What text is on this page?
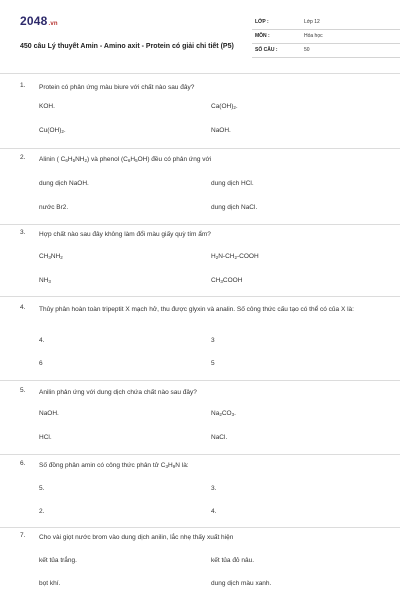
2048.vn
450 câu Lý thuyết Amin - Amino axit - Protein có giải chi tiết (P5)
LỚP :	Lớp 12
MÔN :	Hóa học
SỐ CÂU :	50
1. Protein có phản ứng màu biure với chất nào sau đây?
KOH.	$Ca(OH)_2$.
$Cu(OH)_2$.	NaOH.
2. Alinin ( $C_6H_5NH_2$) và phenol $(C_6H_5OH)$ đều có phản ứng với
dung dịch NaOH.	dung dịch HCl.
nước Br2.	dung dịch NaCl.
3. Hợp chất nào sau đây không làm đổi màu giấy quỳ tím ẩm?
$CH_3NH_2$	$H_2N-CH_2$-COOH
$NH_3$	$CH_3COOH$
4. Thủy phân hoàn toàn tripeptit X mạch hở, thu được glyxin và analin. Số công thức cấu tạo có thể có của X là:
4.	3
6	5
5. Anilin phản ứng với dung dịch chứa chất nào sau đây?
NaOH.	$Na_2CO_3$.
HCl.	NaCl.
6. Số đồng phân amin có công thức phân tử $C_3H_9N$ là:
5.	3.
2.	4.
7. Cho vài giọt nước brom vào dung dịch anilin, lắc nhẹ thấy xuất hiện
kết tủa trắng.	kết tủa đỏ nâu.
bọt khí.	dung dịch màu xanh.
